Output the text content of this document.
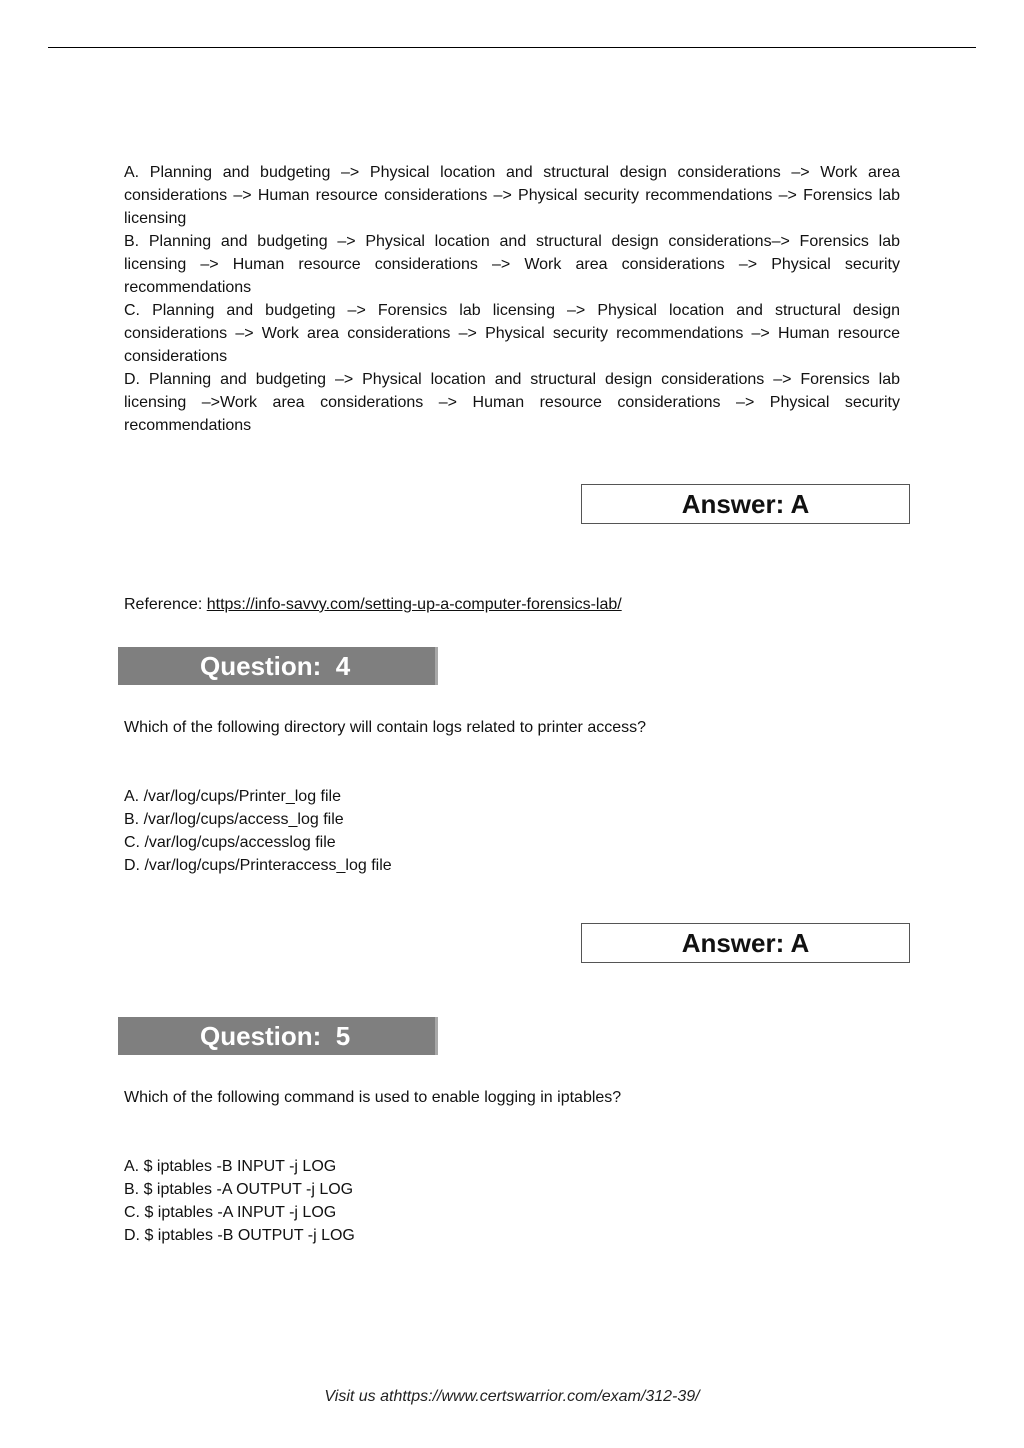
A. Planning and budgeting –> Physical location and structural design considerations –> Work area considerations –> Human resource considerations –> Physical security recommendations –> Forensics lab licensing

B. Planning and budgeting –> Physical location and structural design considerations–> Forensics lab licensing –> Human resource considerations –> Work area considerations –> Physical security recommendations

C. Planning and budgeting –> Forensics lab licensing –> Physical location and structural design considerations –> Work area considerations –> Physical security recommendations –> Human resource considerations

D. Planning and budgeting –> Physical location and structural design considerations –> Forensics lab licensing –>Work area considerations –> Human resource considerations –> Physical security recommendations

Answer: A
Reference: https://info-savvy.com/setting-up-a-computer-forensics-lab/
Question:  4
Which of the following directory will contain logs related to printer access?
A. /var/log/cups/Printer_log file
B. /var/log/cups/access_log file
C. /var/log/cups/accesslog file
D. /var/log/cups/Printeraccess_log file
Answer: A
Question:  5
Which of the following command is used to enable logging in iptables?
A. $ iptables -B INPUT -j LOG
B. $ iptables -A OUTPUT -j LOG
C. $ iptables -A INPUT -j LOG
D. $ iptables -B OUTPUT -j LOG
Visit us athttps://www.certswarrior.com/exam/312-39/
